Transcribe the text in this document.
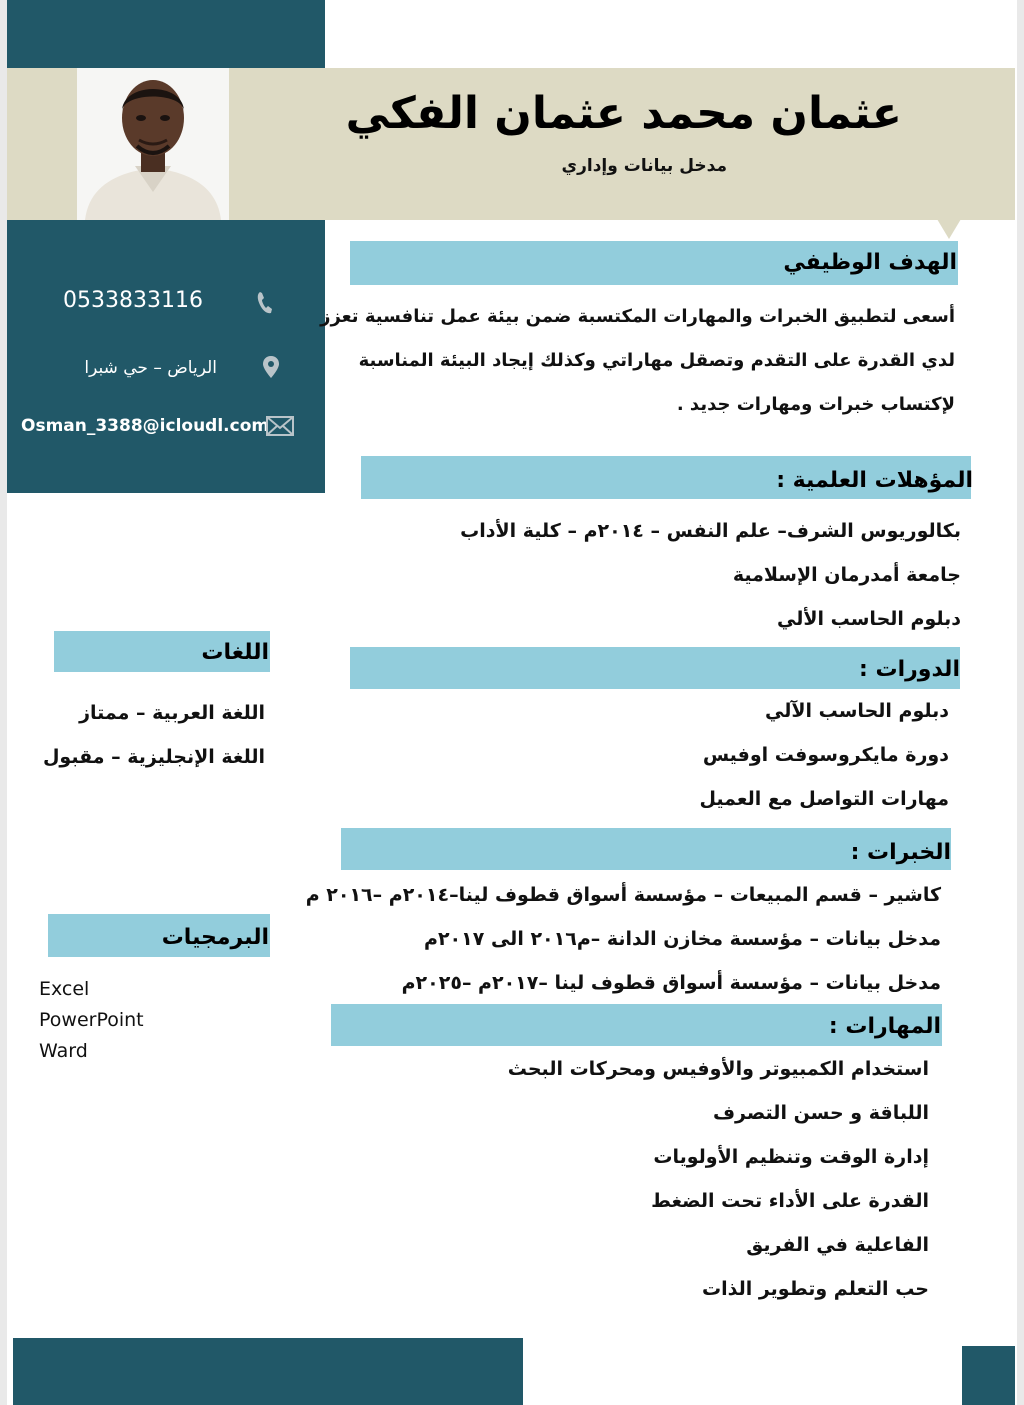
عثمان محمد عثمان الفكي
مدخل بيانات وإداري
0533833116
الرياض – حي شبرا
Osman_3388@icloudl.com
الهدف الوظيفي
أسعى لتطبيق الخبرات والمهارات المكتسبة ضمن بيئة عمل تنافسية تعزز
لدي القدرة على التقدم وتصقل مهاراتي وكذلك إيجاد البيئة المناسبة
لإكتساب خبرات ومهارات جديد .
المؤهلات العلمية :
بكالوريوس الشرف– علم النفس – ٢٠١٤م – كلية الأداب
جامعة أمدرمان الإسلامية
دبلوم الحاسب الألي
الدورات :
دبلوم الحاسب الآلي
دورة مايكروسوفت اوفيس
مهارات التواصل مع العميل
الخبرات :
كاشير – قسم المبيعات – مؤسسة أسواق قطوف لينا–٢٠١٤م –٢٠١٦ م
مدخل بيانات – مؤسسة مخازن الدانة –م٢٠١٦ الى ٢٠١٧م
مدخل بيانات – مؤسسة أسواق قطوف لينا –٢٠١٧م –٢٠٢٥م
المهارات :
استخدام الكمبيوتر والأوفيس ومحركات البحث
اللباقة و حسن التصرف
إدارة الوقت وتنظيم الأولويات
القدرة على الأداء تحت الضغط
الفاعلية في الفريق
حب التعلم وتطوير الذات
اللغات
اللغة العربية – ممتاز
اللغة الإنجليزية – مقبول
البرمجيات
Excel
PowerPoint
Ward
